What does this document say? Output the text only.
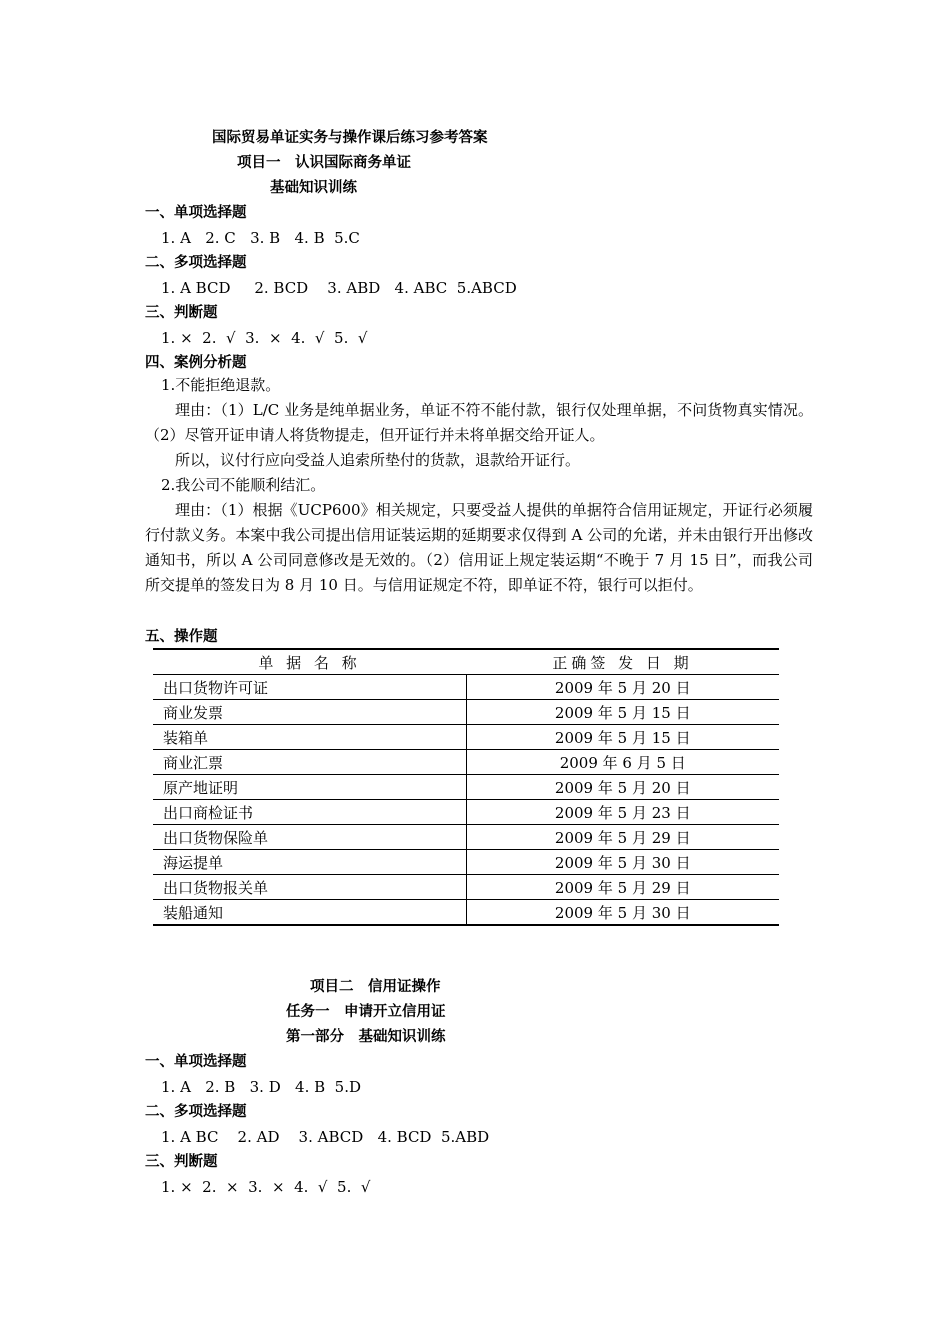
国际贸易单证实务与操作课后练习参考答案
项目一　认识国际商务单证
基础知识训练
一、单项选择题
1. A   2. C   3. B   4. B  5.C
二、多项选择题
1. A BCD     2. BCD    3. ABD   4. ABC  5.ABCD
三、判断题
1. ×  2.  √  3.  ×  4.  √  5.  √
四、案例分析题

1.不能拒绝退款。

理由：（1）L/C 业务是纯单据业务，单证不符不能付款，银行仅处理单据，不问货物真实情况。（2）尽管开证申请人将货物提走，但开证行并未将单据交给开证人。

所以，议付行应向受益人追索所垫付的货款，退款给开证行。

2.我公司不能顺利结汇。

理由：（1）根据《UCP600》相关规定，只要受益人提供的单据符合信用证规定，开证行必须履行付款义务。本案中我公司提出信用证装运期的延期要求仅得到 A 公司的允诺，并未由银行开出修改通知书，所以 A 公司同意修改是无效的。（2）信用证上规定装运期“不晚于 7 月 15 日”，而我公司所交提单的签发日为 8 月 10 日。与信用证规定不符，即单证不符，银行可以拒付。

五、操作题
单 据 名 称	正确签 发 日 期
出口货物许可证	2009 年 5 月 20 日
商业发票	2009 年 5 月 15 日
装箱单	2009 年 5 月 15 日
商业汇票	2009 年 6 月 5 日
原产地证明	2009 年 5 月 20 日
出口商检证书	2009 年 5 月 23 日
出口货物保险单	2009 年 5 月 29 日
海运提单	2009 年 5 月 30 日
出口货物报关单	2009 年 5 月 29 日
装船通知	2009 年 5 月 30 日
项目二　信用证操作
任务一　申请开立信用证
第一部分　基础知识训练
一、单项选择题
1. A   2. B   3. D   4. B  5.D
二、多项选择题
1. A BC    2. AD    3. ABCD   4. BCD  5.ABD
三、判断题
1. ×  2.  ×  3.  ×  4.  √  5.  √
